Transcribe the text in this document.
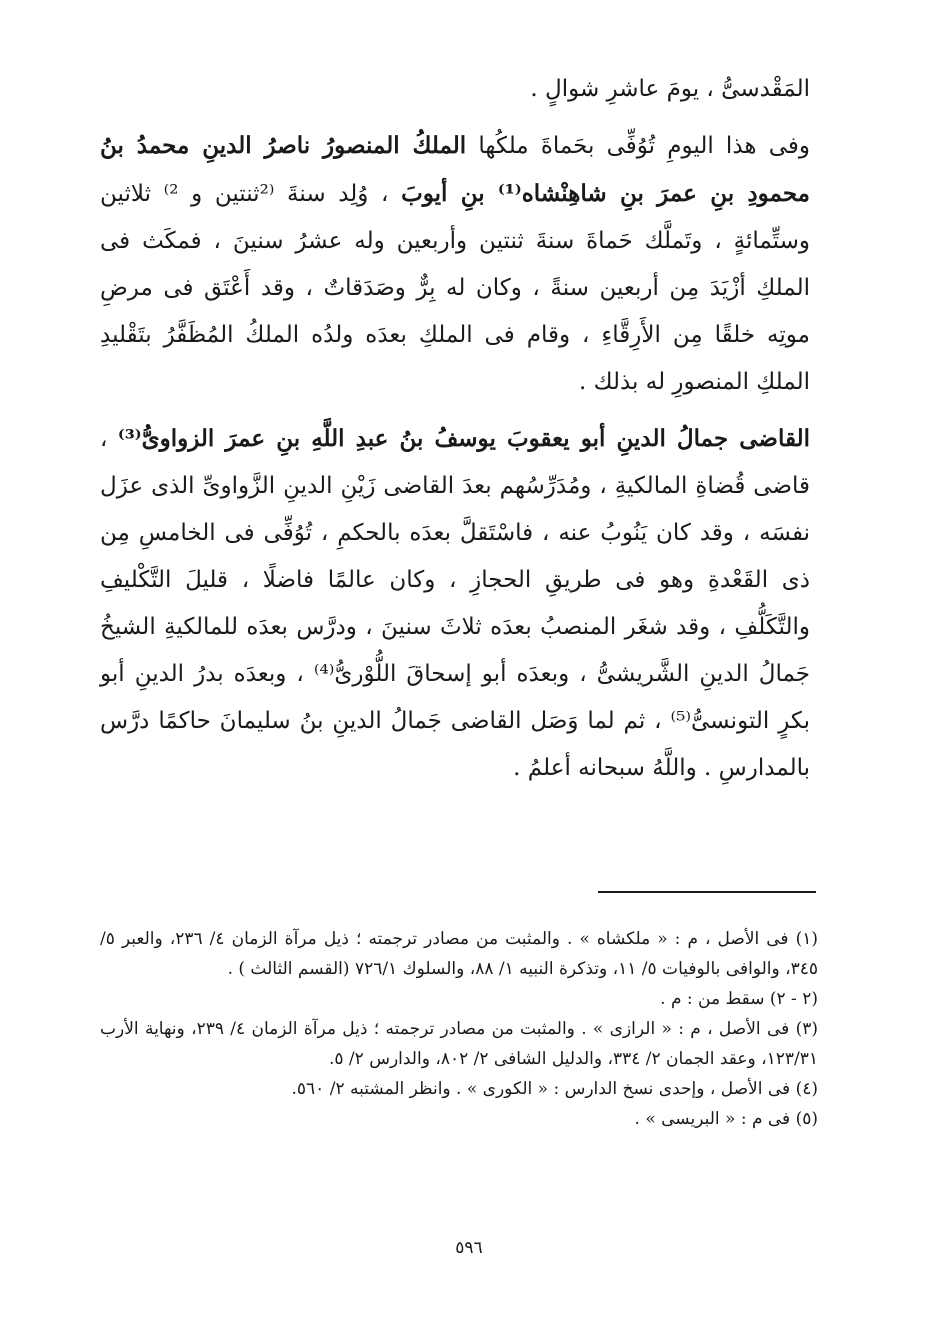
المَقْدسىُّ ، يومَ عاشرِ شوالٍ .

وفى هذا اليومِ تُوُفِّى بحَماةَ ملكُها الملكُ المنصورُ ناصرُ الدينِ محمدُ بنُ محمودِ بنِ عمرَ بنِ شاهِنْشاه⁽¹⁾ بنِ أيوبَ ، وُلِد سنةَ ⁽²ثنتين و ²⁾ ثلاثين وستِّمائةٍ ، وتَملَّك حَماةَ سنةَ ثنتين وأربعين وله عشرُ سنينَ ، فمكَث فى الملكِ أزْيَدَ مِن أربعين سنةً ، وكان له بِرٌّ وصَدَقاتٌ ، وقد أَعْتَق فى مرضِ موتِه خلقًا مِن الأَرِقَّاءِ ، وقام فى الملكِ بعدَه ولدُه الملكُ المُظَفَّرُ بتَقْليدِ الملكِ المنصورِ له بذلك .

القاضى جمالُ الدينِ أبو يعقوبَ يوسفُ بنُ عبدِ اللَّهِ بنِ عمرَ الزواوىُّ⁽³⁾ ، قاضى قُضاةِ المالكيةِ ، ومُدَرِّسُهم بعدَ القاضى زَيْنِ الدينِ الزَّواوىِّ الذى عزَل نفسَه ، وقد كان يَنُوبُ عنه ، فاسْتَقلَّ بعدَه بالحكمِ ، تُوُفِّى فى الخامسِ مِن ذى القَعْدةِ وهو فى طريقِ الحجازِ ، وكان عالمًا فاضلًا ، قليلَ التَّكْليفِ والتَّكَلُّفِ ، وقد شغَر المنصبُ بعدَه ثلاثَ سنينَ ، ودرَّس بعدَه للمالكيةِ الشيخُ جَمالُ الدينِ الشَّريشىُّ ، وبعدَه أبو إسحاقَ اللُّوْرىُّ⁽⁴⁾ ، وبعدَه بدرُ الدينِ أبو بكرٍ التونسىُّ⁽⁵⁾ ، ثم لما وَصَل القاضى جَمالُ الدينِ بنُ سليمانَ حاكمًا درَّس بالمدارسِ . واللَّهُ سبحانه أعلمُ .

(١) فى الأصل ، م : « ملكشاه » . والمثبت من مصادر ترجمته ؛ ذيل مرآة الزمان ٤/ ٢٣٦، والعبر ٥/ ٣٤٥، والوافى بالوفيات ٥/ ١١، وتذكرة النبيه ١/ ٨٨، والسلوك ٧٢٦/١ (القسم الثالث ) .

(٢ - ٢) سقط من : م .

(٣) فى الأصل ، م : « الرازى » . والمثبت من مصادر ترجمته ؛ ذيل مرآة الزمان ٤/ ٢٣٩، ونهاية الأرب ١٢٣/٣١، وعقد الجمان ٢/ ٣٣٤، والدليل الشافى ٢/ ٨٠٢، والدارس ٢/ ٥.

(٤) فى الأصل ، وإحدى نسخ الدارس : « الكورى » . وانظر المشتبه ٢/ ٥٦٠.

(٥) فى م : « البريسى » .

٥٩٦
